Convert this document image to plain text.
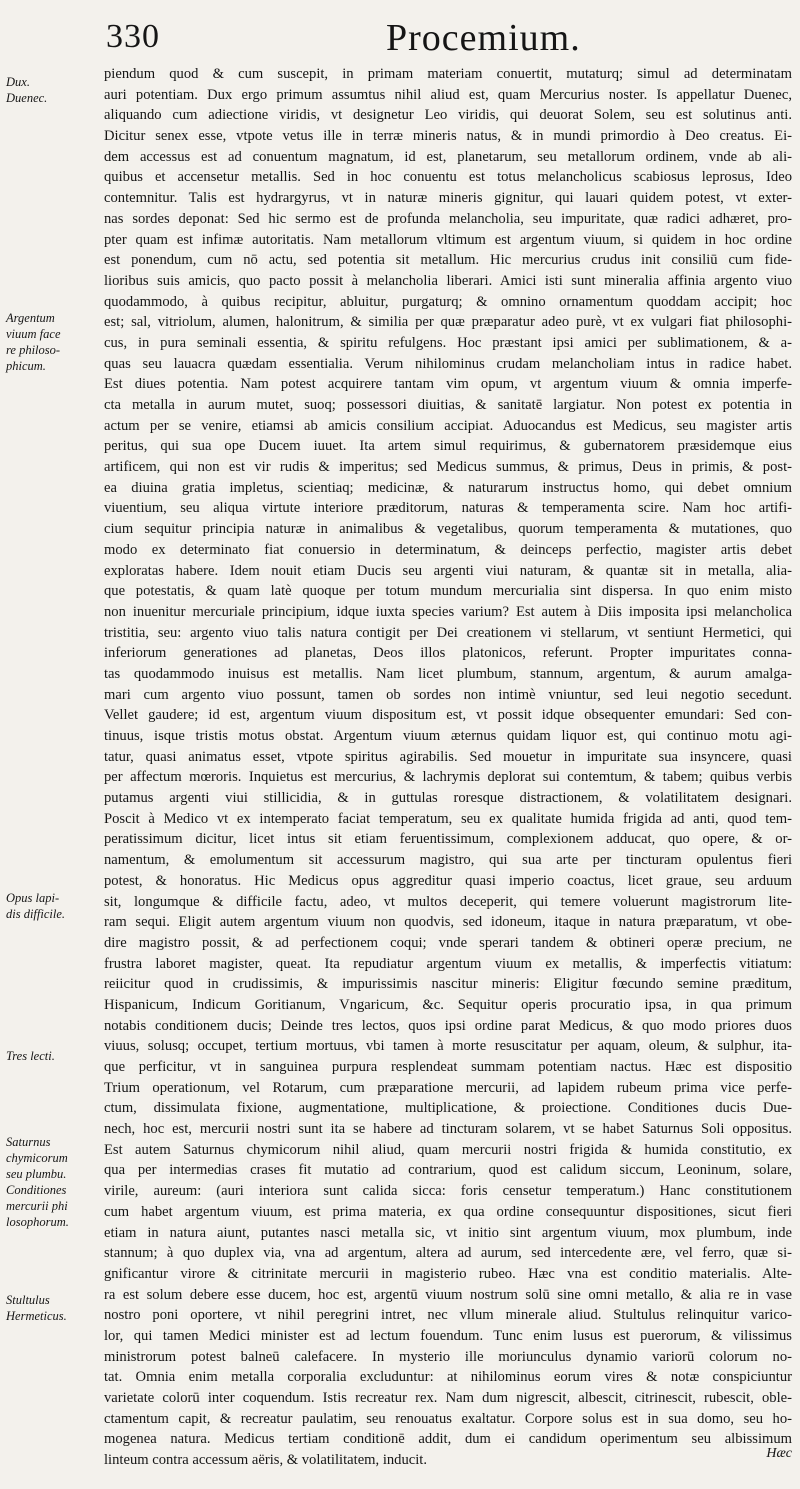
330	Procemium.
Dux.
Duenec.
Argentum
viuum face
re philoso-
phicum.
Opus lapi-
dis difficile.
Tres lecti.
Saturnus
chymicorum
seu plumbu.
Conditiones
mercurii phi
losophorum.
Stultulus
Hermeticus.
piendum quod & cum suscepit, in primam materiam conuertit, mutaturq; simul ad determinatam
auri potentiam. Dux ergo primum assumtus nihil aliud est, quam Mercurius noster. Is appellatur Duenec,
aliquando cum adiectione viridis, vt designetur Leo viridis, qui deuorat Solem, seu est solutinus anti.
Dicitur senex esse, vtpote vetus ille in terræ mineris natus, & in mundi primordio à Deo creatus. Ei-
dem accessus est ad conuentum magnatum, id est, planetarum, seu metallorum ordinem, vnde ab ali-
quibus et accensetur metallis. Sed in hoc conuentu est totus melancholicus scabiosus leprosus, Ideo
contemnitur. Talis est hydrargyrus, vt in naturæ mineris gignitur, qui lauari quidem potest, vt exter-
nas sordes deponat: Sed hic sermo est de profunda melancholia, seu impuritate, quæ radici adhæret, pro-
pter quam est infimæ autoritatis. Nam metallorum vltimum est argentum viuum, si quidem in hoc ordine
est ponendum, cum nō actu, sed potentia sit metallum. Hic mercurius crudus init consiliū cum fide-
lioribus suis amicis, quo pacto possit à melancholia liberari. Amici isti sunt mineralia affinia argento viuo
quodammodo, à quibus recipitur, abluitur, purgaturq; & omnino ornamentum quoddam accipit; hoc
est; sal, vitriolum, alumen, halonitrum, & similia per quæ præparatur adeo purè, vt ex vulgari fiat philosophi-
cus, in pura seminali essentia, & spiritu refulgens. Hoc præstant ipsi amici per sublimationem, & a-
quas seu lauacra quædam essentialia. Verum nihilominus crudam melancholiam intus in radice habet.
Est diues potentia. Nam potest acquirere tantam vim opum, vt argentum viuum & omnia imperfe-
cta metalla in aurum mutet, suoq; possessori diuitias, & sanitatē largiatur. Non potest ex potentia in
actum per se venire, etiamsi ab amicis consilium accipiat. Aduocandus est Medicus, seu magister artis
peritus, qui sua ope Ducem iuuet. Ita artem simul requirimus, & gubernatorem præsidemque eius
artificem, qui non est vir rudis & imperitus; sed Medicus summus, & primus, Deus in primis, & post-
ea diuina gratia impletus, scientiaq; medicinæ, & naturarum instructus homo, qui debet omnium
viuentium, seu aliqua virtute interiore præditorum, naturas & temperamenta scire. Nam hoc artifi-
cium sequitur principia naturæ in animalibus & vegetalibus, quorum temperamenta & mutationes, quo
modo ex determinato fiat conuersio in determinatum, & deinceps perfectio, magister artis debet
exploratas habere. Idem nouit etiam Ducis seu argenti viui naturam, & quantæ sit in metalla, alia-
que potestatis, & quam latè quoque per totum mundum mercurialia sint dispersa. In quo enim misto
non inuenitur mercuriale principium, idque iuxta species varium? Est autem à Diis imposita ipsi melancholica
tristitia, seu: argento viuo talis natura contigit per Dei creationem vi stellarum, vt sentiunt Hermetici, qui
inferiorum generationes ad planetas, Deos illos platonicos, referunt. Propter impuritates conna-
tas quodammodo inuisus est metallis. Nam licet plumbum, stannum, argentum, & aurum amalga-
mari cum argento viuo possunt, tamen ob sordes non intimè vniuntur, sed leui negotio secedunt.
Vellet gaudere; id est, argentum viuum dispositum est, vt possit idque obsequenter emundari: Sed con-
tinuus, isque tristis motus obstat. Argentum viuum æternus quidam liquor est, qui continuo motu agi-
tatur, quasi animatus esset, vtpote spiritus agirabilis. Sed mouetur in impuritate sua insyncere, quasi
per affectum mœroris. Inquietus est mercurius, & lachrymis deplorat sui contemtum, & tabem; quibus verbis
putamus argenti viui stillicidia, & in guttulas roresque distractionem, & volatilitatem designari.
Poscit à Medico vt ex intemperato faciat temperatum, seu ex qualitate humida frigida ad anti, quod tem-
peratissimum dicitur, licet intus sit etiam feruentissimum, complexionem adducat, quo opere, & or-
namentum, & emolumentum sit accessurum magistro, qui sua arte per tincturam opulentus fieri
potest, & honoratus. Hic Medicus opus aggreditur quasi imperio coactus, licet graue, seu arduum
sit, longumque & difficile factu, adeo, vt multos deceperit, qui temere voluerunt magistrorum lite-
ram sequi. Eligit autem argentum viuum non quodvis, sed idoneum, itaque in natura præparatum, vt obe-
dire magistro possit, & ad perfectionem coqui; vnde sperari tandem & obtineri operæ precium, ne
frustra laboret magister, queat. Ita repudiatur argentum viuum ex metallis, & imperfectis vitiatum:
reiicitur quod in crudissimis, & impurissimis nascitur mineris: Eligitur fœcundo semine præditum,
Hispanicum, Indicum Goritianum, Vngaricum, &c. Sequitur operis procuratio ipsa, in qua primum
notabis conditionem ducis; Deinde tres lectos, quos ipsi ordine parat Medicus, & quo modo priores duos
viuus, solusq; occupet, tertium mortuus, vbi tamen à morte resuscitatur per aquam, oleum, & sulphur, ita-
que perficitur, vt in sanguinea purpura resplendeat summam potentiam nactus. Hæc est dispositio
Trium operationum, vel Rotarum, cum præparatione mercurii, ad lapidem rubeum prima vice perfe-
ctum, dissimulata fixione, augmentatione, multiplicatione, & proiectione. Conditiones ducis Due-
nech, hoc est, mercurii nostri sunt ita se habere ad tincturam solarem, vt se habet Saturnus Soli oppositus.
Est autem Saturnus chymicorum nihil aliud, quam mercurii nostri frigida & humida constitutio, ex
qua per intermedias crases fit mutatio ad contrarium, quod est calidum siccum, Leoninum, solare,
virile, aureum: (auri interiora sunt calida sicca: foris censetur temperatum.) Hanc constitutionem
cum habet argentum viuum, est prima materia, ex qua ordine consequuntur dispositiones, sicut fieri
etiam in natura aiunt, putantes nasci metalla sic, vt initio sint argentum viuum, mox plumbum, inde
stannum; à quo duplex via, vna ad argentum, altera ad aurum, sed intercedente ære, vel ferro, quæ si-
gnificantur virore & citrinitate mercurii in magisterio rubeo. Hæc vna est conditio materialis. Alte-
ra est solum debere esse ducem, hoc est, argentū viuum nostrum solū sine omni metallo, & alia re in vase
nostro poni oportere, vt nihil peregrini intret, nec vllum minerale aliud. Stultulus relinquitur varico-
lor, qui tamen Medici minister est ad lectum fouendum. Tunc enim lusus est puerorum, & vilissimus
ministrorum potest balneū calefacere. In mysterio ille moriunculus dynamio variorū colorum no-
tat. Omnia enim metalla corporalia excluduntur: at nihilominus eorum vires & notæ conspiciuntur
varietate colorū inter coquendum. Istis recreatur rex. Nam dum nigrescit, albescit, citrinescit, rubescit, oble-
ctamentum capit, & recreatur paulatim, seu renouatus exaltatur. Corpore solus est in sua domo, seu ho-
mogenea natura. Medicus tertiam conditionē addit, dum ei candidum operimentum seu albissimum
linteum contra accessum aëris, & volatilitatem, inducit.	Hæc
